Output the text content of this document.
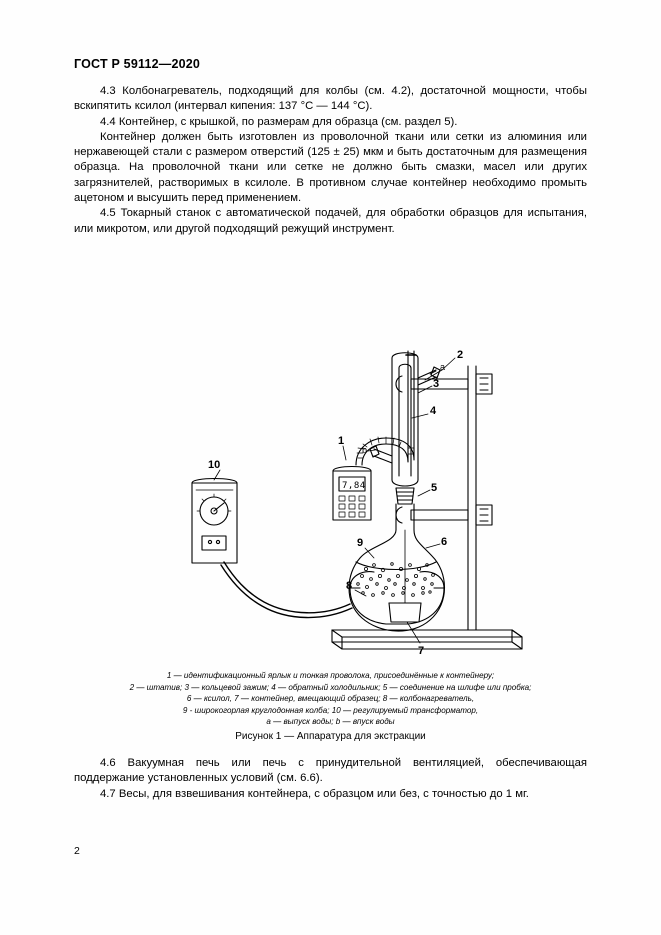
ГОСТ Р 59112—2020

4.3 Колбонагреватель, подходящий для колбы (см. 4.2), достаточной мощности, чтобы вскипятить ксилол (интервал кипения: 137 °С — 144 °С).

4.4 Контейнер, с крышкой, по размерам для образца (см. раздел 5).

Контейнер должен быть изготовлен из проволочной ткани или сетки из алюминия или нержавеющей стали с размером отверстий (125 ± 25) мкм и быть достаточным для размещения образца. На проволочной ткани или сетке не должно быть смазки, масел или других загрязнителей, растворимых в ксилоле. В противном случае контейнер необходимо промыть ацетоном и высушить перед применением.

4.5 Токарный станок с автоматической подачей, для обработки образцов для испытания, или микротом, или другой подходящий режущий инструмент.

1
2
3
4
5
6
7
8
9
10
a
b
7,84
1 — идентификационный ярлык и тонкая проволока, присоединённые к контейнеру;
2 — штатив; 3 — кольцевой зажим; 4 — обратный холодильник; 5 — соединение на шлифе или пробка;
6 — ксилол, 7 — контейнер, вмещающий образец; 8 — колбонагреватель,
9 - широкогорлая круглодонная колба; 10 — регулируемый трансформатор,
a — выпуск воды; b — впуск воды
Рисунок 1 — Аппаратура для экстракции

4.6 Вакуумная печь или печь с принудительной вентиляцией, обеспечивающая поддержание установленных условий (см. 6.6).

4.7 Весы, для взвешивания контейнера, с образцом или без, с точностью до 1 мг.

2
